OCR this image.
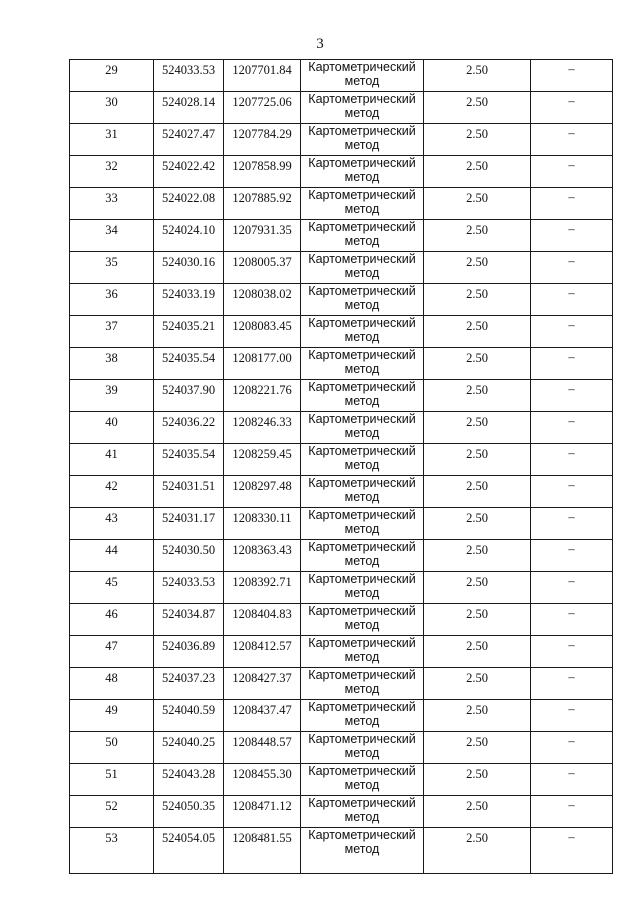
3
29	524033.53	1207701.84	Картометрический
метод	2.50	–
30	524028.14	1207725.06	Картометрический
метод	2.50	–
31	524027.47	1207784.29	Картометрический
метод	2.50	–
32	524022.42	1207858.99	Картометрический
метод	2.50	–
33	524022.08	1207885.92	Картометрический
метод	2.50	–
34	524024.10	1207931.35	Картометрический
метод	2.50	–
35	524030.16	1208005.37	Картометрический
метод	2.50	–
36	524033.19	1208038.02	Картометрический
метод	2.50	–
37	524035.21	1208083.45	Картометрический
метод	2.50	–
38	524035.54	1208177.00	Картометрический
метод	2.50	–
39	524037.90	1208221.76	Картометрический
метод	2.50	–
40	524036.22	1208246.33	Картометрический
метод	2.50	–
41	524035.54	1208259.45	Картометрический
метод	2.50	–
42	524031.51	1208297.48	Картометрический
метод	2.50	–
43	524031.17	1208330.11	Картометрический
метод	2.50	–
44	524030.50	1208363.43	Картометрический
метод	2.50	–
45	524033.53	1208392.71	Картометрический
метод	2.50	–
46	524034.87	1208404.83	Картометрический
метод	2.50	–
47	524036.89	1208412.57	Картометрический
метод	2.50	–
48	524037.23	1208427.37	Картометрический
метод	2.50	–
49	524040.59	1208437.47	Картометрический
метод	2.50	–
50	524040.25	1208448.57	Картометрический
метод	2.50	–
51	524043.28	1208455.30	Картометрический
метод	2.50	–
52	524050.35	1208471.12	Картометрический
метод	2.50	–
53	524054.05	1208481.55	Картометрический
метод	2.50	–
